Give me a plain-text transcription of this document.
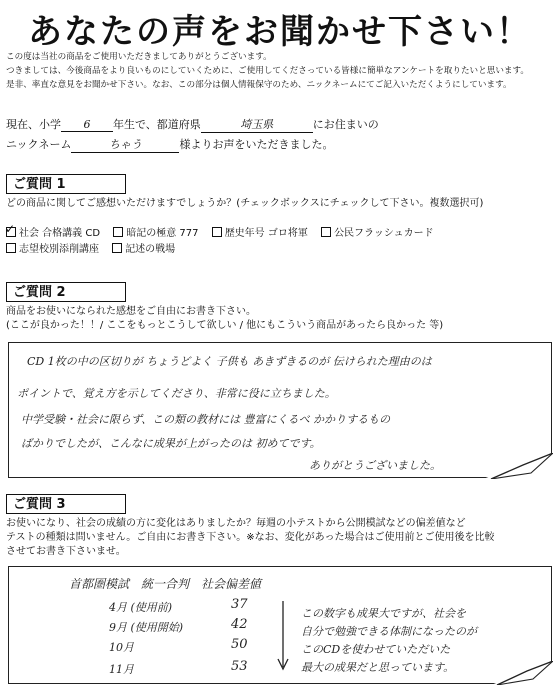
あなたの声をお聞かせ下さい！
この度は当社の商品をご使用いただきましてありがとうございます。
つきましては、今後商品をより良いものにしていくために、ご使用してくださっている皆様に簡単なアンケートを取りたいと思います。
是非、率直な意見をお聞かせ下さい。なお、この部分は個人情報保守のため、ニックネームにてご記入いただくようにしています。
現在、小学 6 年生で、都道府県	埼玉県	にお住まいの
ニックネーム	ちゃう	様よりお声をいただきました。
ご質問 1
どの商品に関してご感想いただけますでしょうか？(チェックボックスにチェックして下さい。複数選択可)
✓社会 合格講義 CD	暗記の極意 777	歴史年号 ゴロ将軍	公民フラッシュカード
志望校別添削講座	記述の戦場
ご質問 2
商品をお使いになられた感想をご自由にお書き下さい。
(ここが良かった！！/ ここをもっとこうして欲しい / 他にもこういう商品があったら良かった 等)
CD 1枚の中の区切りが ちょうどよく 子供も あきずきるのが 伝けられた理由のは
ポイントで、覚え方を示してくださり、非常に役に立ちました。
中学受験・社会に限らず、この類の教材には 豊富にくるべ かかりするもの
ばかりでしたが、こんなに成果が上がったのは 初めてです。
ありがとうございました。
ご質問 3
お使いになり、社会の成績の方に変化はありましたか？毎週の小テストから公開模試などの偏差値など
テストの種類は問いません。ご自由にお書き下さい。※なお、変化があった場合はご使用前とご使用後を比較
させてお書き下さいませ。
首都圏模試　統一合判　社会偏差値
4月 (使用前)	37
9月 (使用開始)	42
10月	50
11月	53
この数字も成果大ですが、社会を
自分で勉強できる体制になったのが
このCDを使わせていただいた
最大の成果だと思っています。
